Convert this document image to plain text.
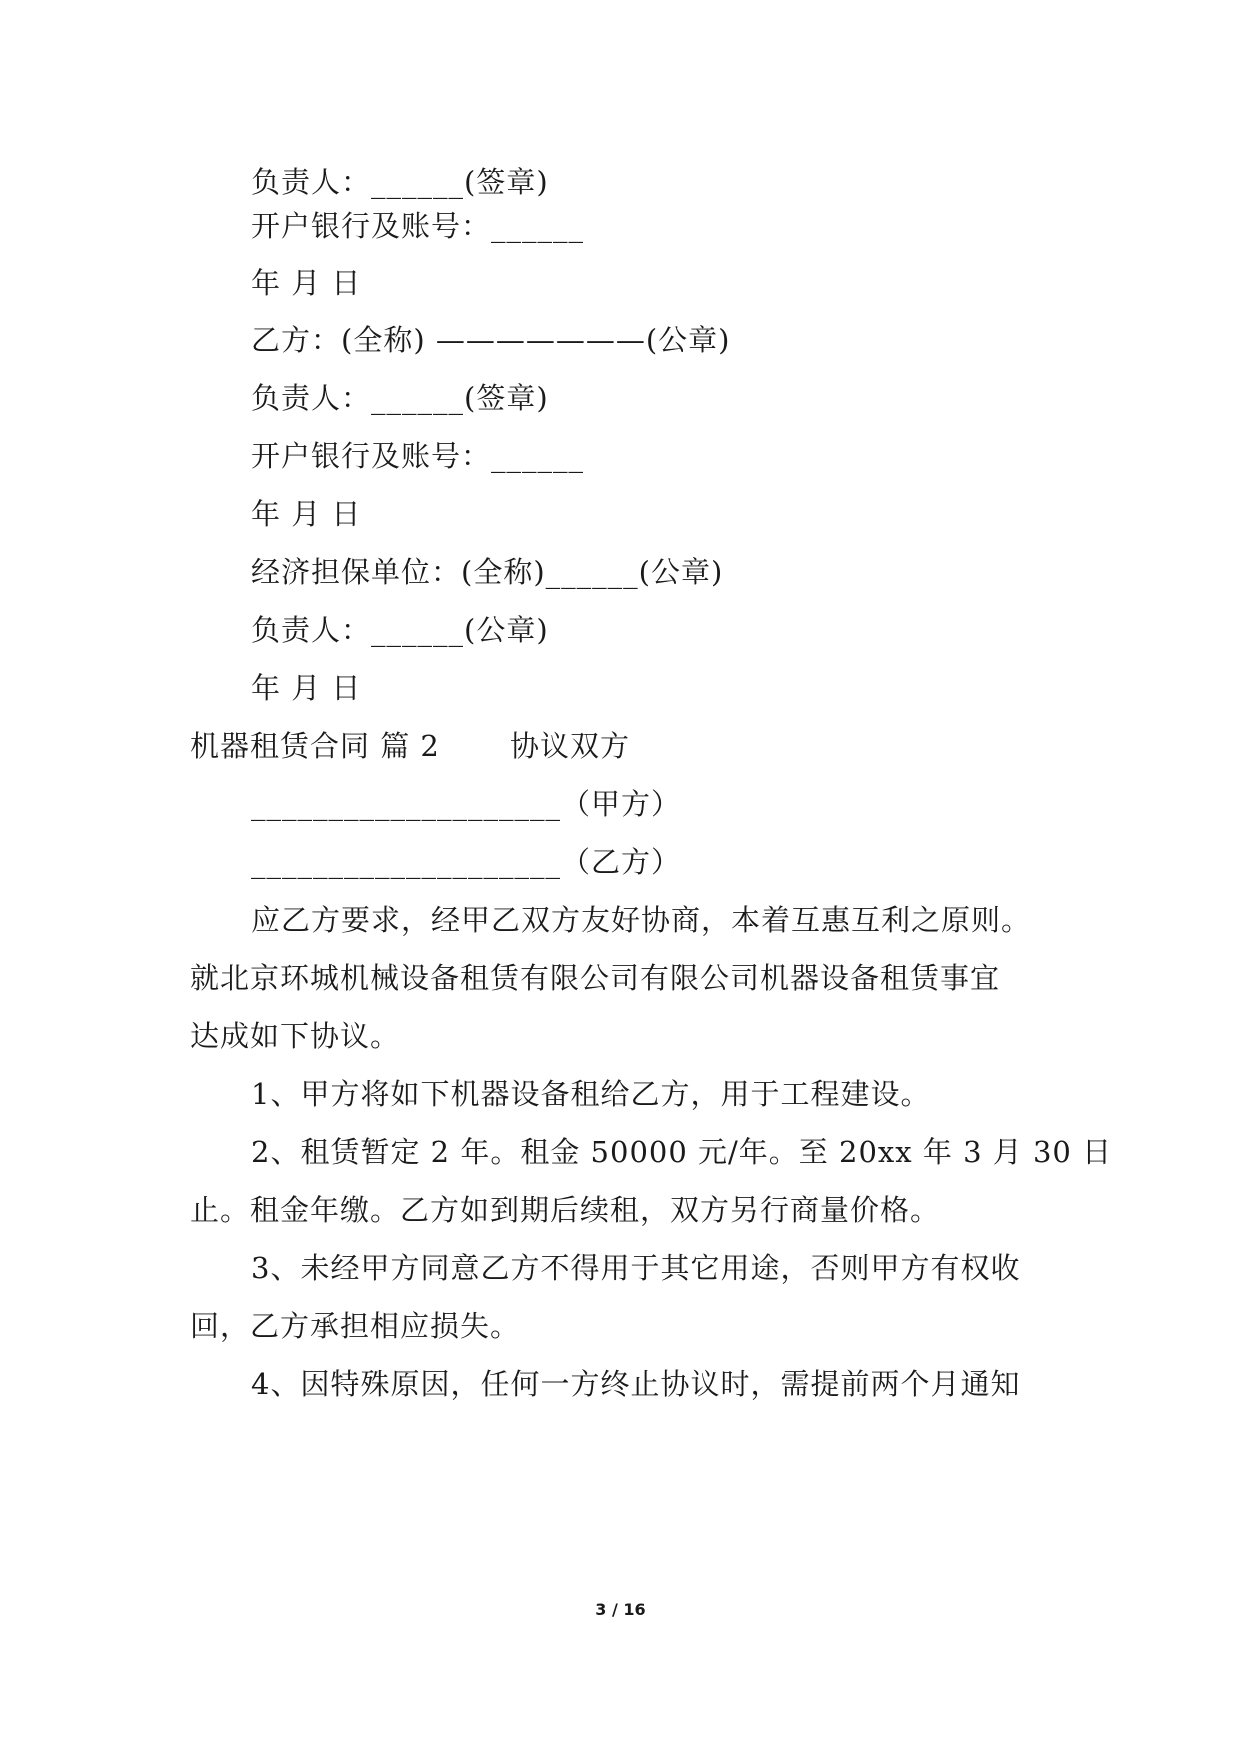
负责人：______(签章)
开户银行及账号：______
年 月 日
乙方：(全称) ———————(公章)
负责人：______(签章)
开户银行及账号：______
年 月 日
经济担保单位：(全称)______(公章)
负责人：______(公章)
年 月 日
机器租赁合同 篇 2 协议双方
____________________（甲方）
____________________（乙方）
应乙方要求，经甲乙双方友好协商，本着互惠互利之原则。
就北京环城机械设备租赁有限公司有限公司机器设备租赁事宜
达成如下协议。
1、甲方将如下机器设备租给乙方，用于工程建设。
2、租赁暂定 2 年。租金 50000 元/年。至 20xx 年 3 月 30 日
止。租金年缴。乙方如到期后续租，双方另行商量价格。
3、未经甲方同意乙方不得用于其它用途，否则甲方有权收
回，乙方承担相应损失。
4、因特殊原因，任何一方终止协议时，需提前两个月通知
3 / 16
